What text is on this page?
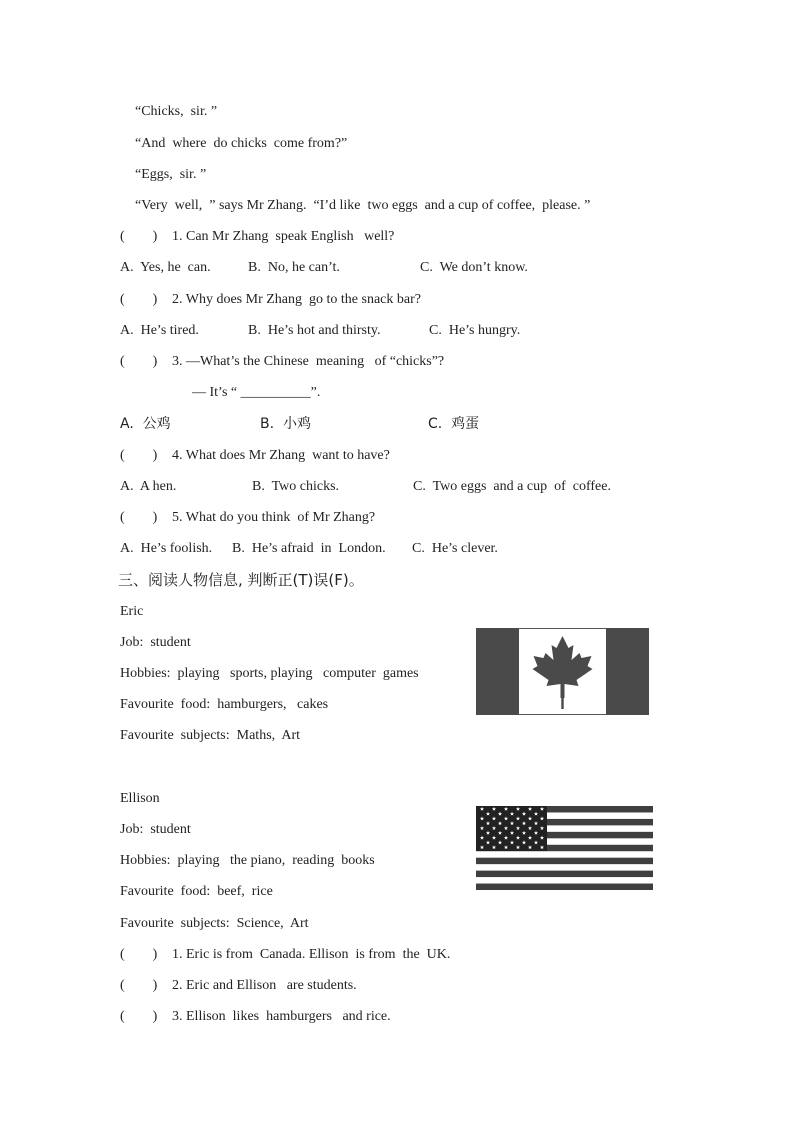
“Chicks,  sir. ”
“And  where  do chicks  come from?”
“Eggs,  sir. ”
“Very  well,  ” says Mr Zhang.  “I’d like  two eggs  and a cup of coffee,  please. ”
(        ) 1. Can Mr Zhang  speak English   well?
A.  Yes, he  can.	B.  No, he can’t.	C.  We don’t know.
(        ) 2. Why does Mr Zhang  go to the snack bar?
A.  He’s tired.	B.  He’s hot and thirsty.	C.  He’s hungry.
(        ) 3. —What’s the Chinese  meaning   of “chicks”?
— It’s “ __________”.
A.  公鸡	B.  小鸡	C.  鸡蛋
(        ) 4. What does Mr Zhang  want to have?
A.  A hen.	B.  Two chicks.	C.  Two eggs  and a cup  of  coffee.
(        ) 5. What do you think  of Mr Zhang?
A.  He’s foolish. B.  He’s afraid  in  London. C.  He’s clever.
三、阅读人物信息, 判断正(T)误(F)。
Eric
Job:  student
Hobbies:  playing   sports, playing   computer  games
Favourite  food:  hamburgers,   cakes
Favourite  subjects:  Maths,  Art
Ellison
Job:  student
Hobbies:  playing   the piano,  reading  books
Favourite  food:  beef,  rice
Favourite  subjects:  Science,  Art
(        ) 1. Eric is from  Canada. Ellison  is from  the  UK.
(        ) 2. Eric and Ellison   are students.
(        ) 3. Ellison  likes  hamburgers   and rice.
